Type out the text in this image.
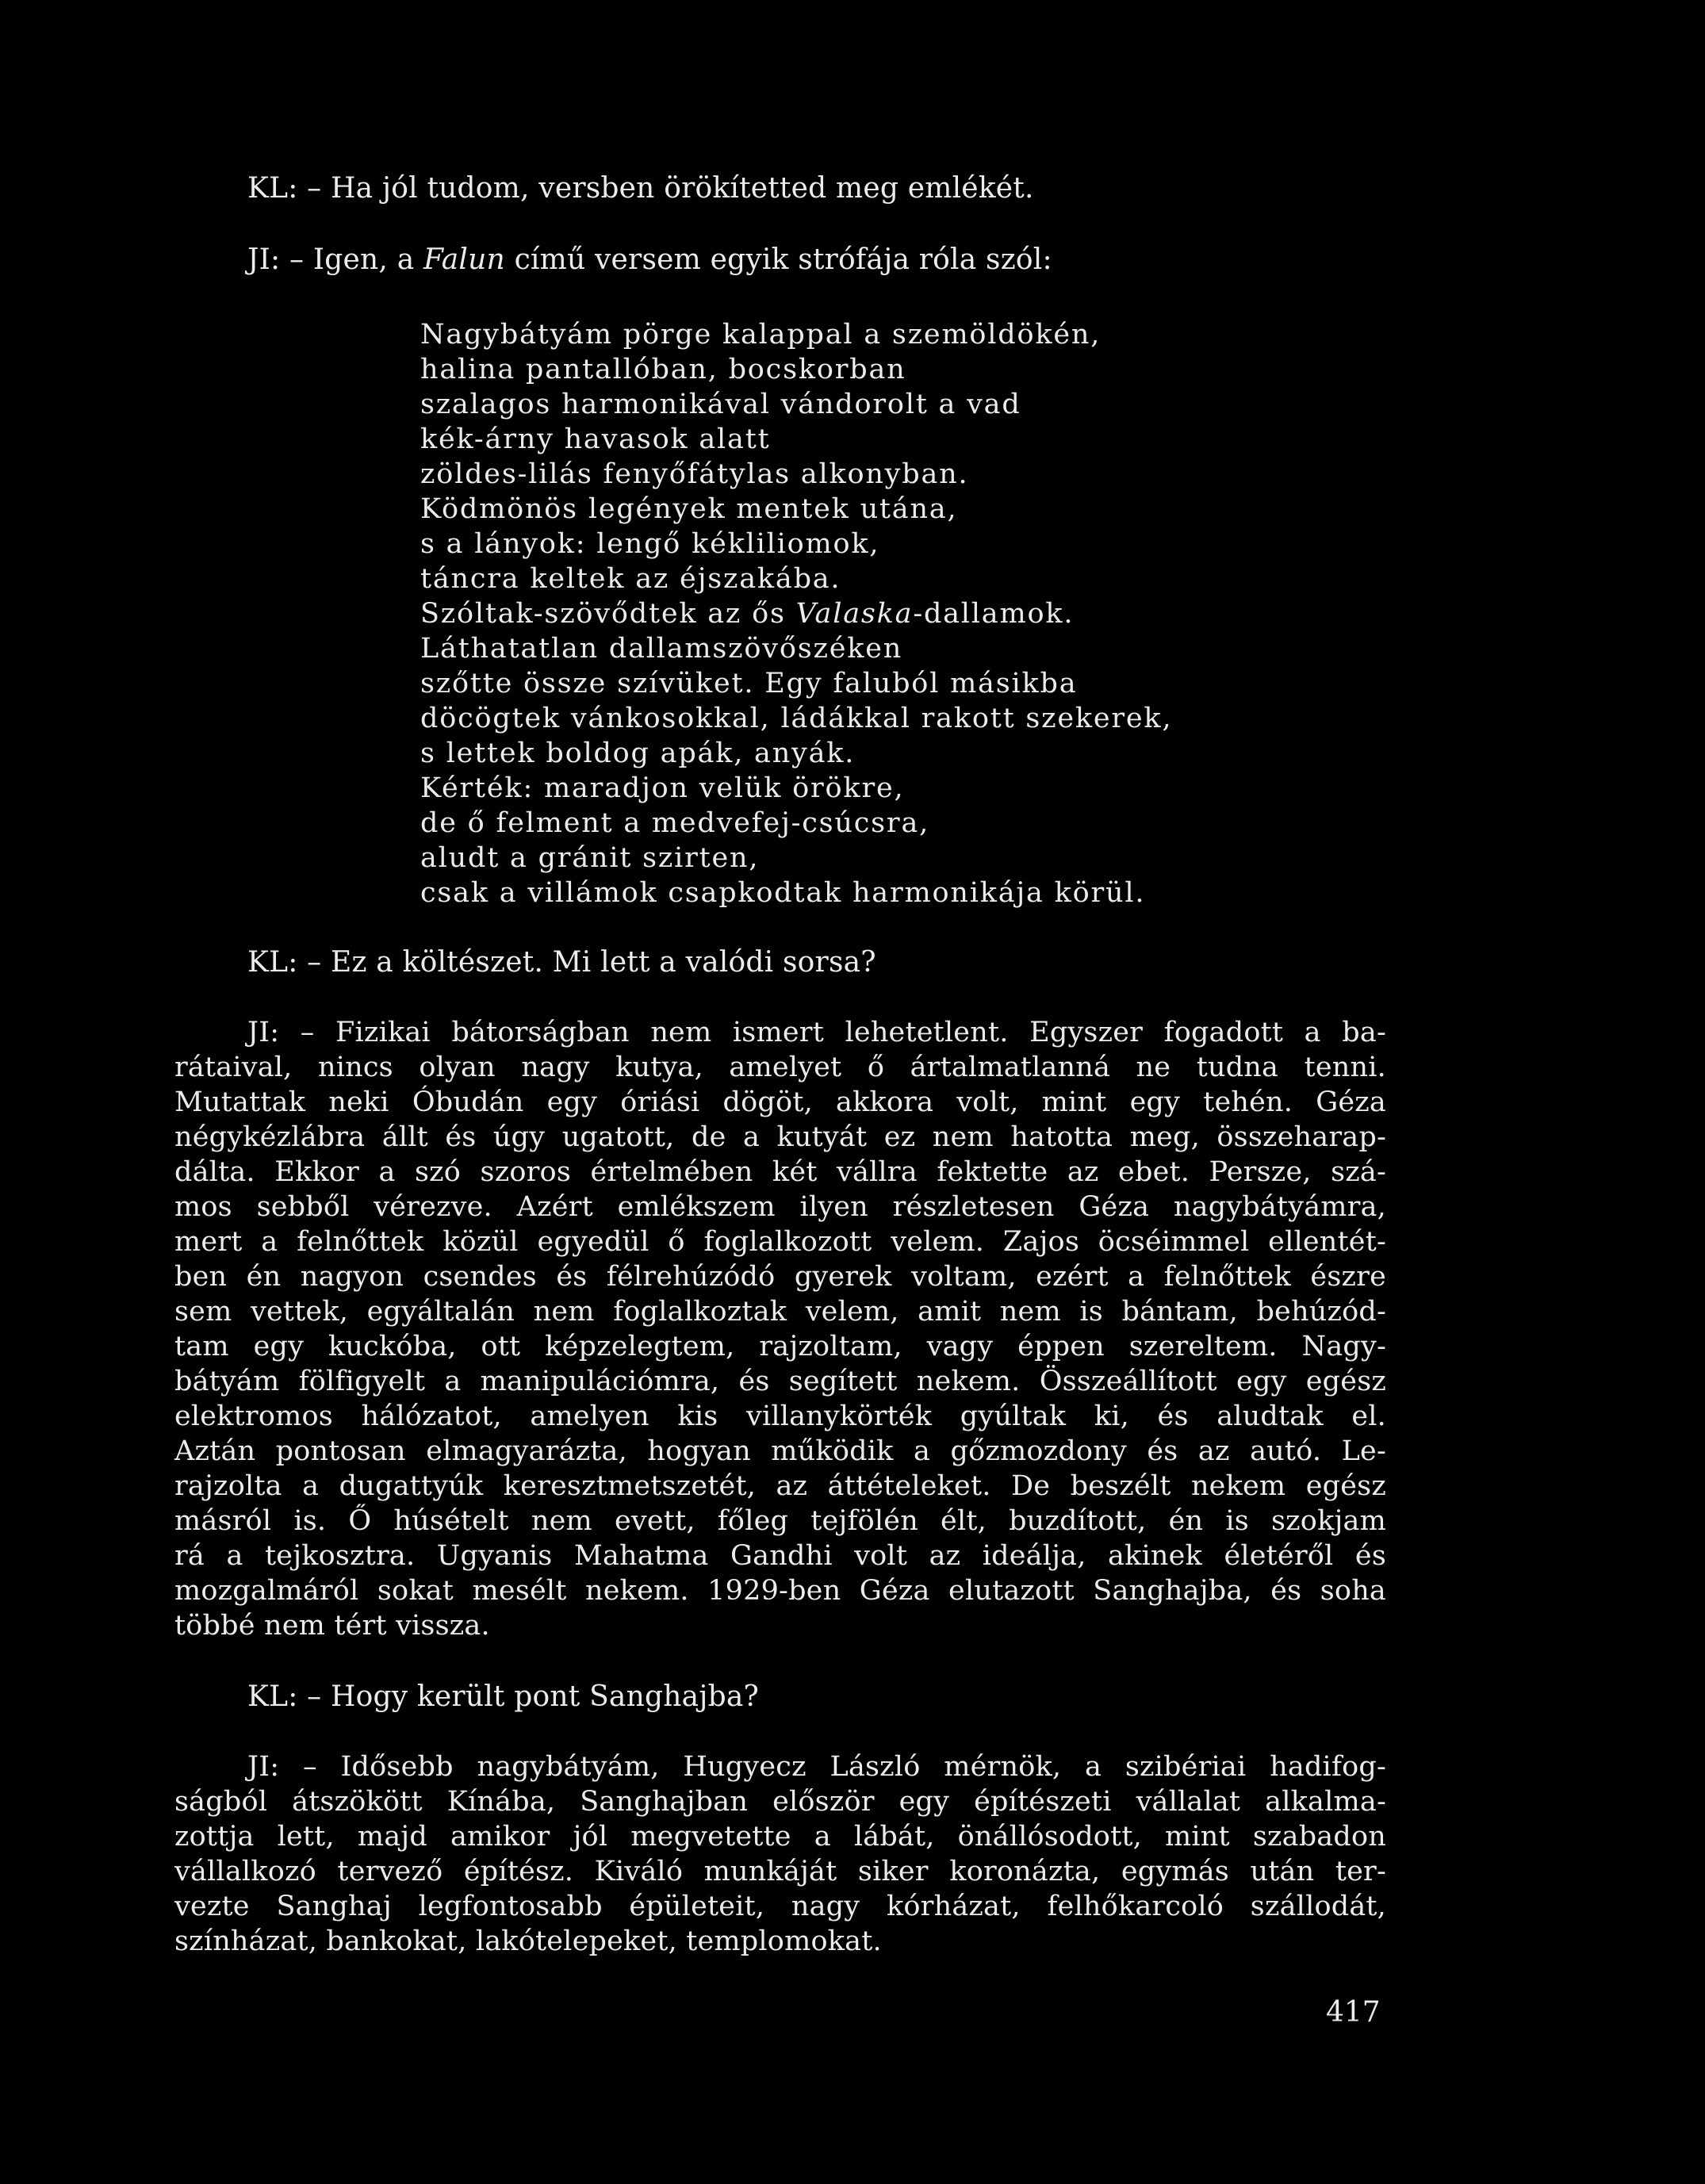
KL: – Ha jól tudom, versben örökítetted meg emlékét.
JI: – Igen, a Falun című versem egyik strófája róla szól:
Nagybátyám pörge kalappal a szemöldökén,
halina pantallóban, bocskorban
szalagos harmonikával vándorolt a vad
kék-árny havasok alatt
zöldes-lilás fenyőfátylas alkonyban.
Ködmönös legények mentek utána,
s a lányok: lengő kékliliomok,
táncra keltek az éjszakába.
Szóltak-szövődtek az ős Valaska-dallamok.
Láthatatlan dallamszövőszéken
szőtte össze szívüket. Egy faluból másikba
döcögtek vánkosokkal, ládákkal rakott szekerek,
s lettek boldog apák, anyák.
Kérték: maradjon velük örökre,
de ő felment a medvefej-csúcsra,
aludt a gránit szirten,
csak a villámok csapkodtak harmonikája körül.
KL: – Ez a költészet. Mi lett a valódi sorsa?
JI: – Fizikai bátorságban nem ismert lehetetlent. Egyszer fogadott a ba-
rátaival, nincs olyan nagy kutya, amelyet ő ártalmatlanná ne tudna tenni.
Mutattak neki Óbudán egy óriási dögöt, akkora volt, mint egy tehén. Géza
négykézlábra állt és úgy ugatott, de a kutyát ez nem hatotta meg, összeharap-
dálta. Ekkor a szó szoros értelmében két vállra fektette az ebet. Persze, szá-
mos sebből vérezve. Azért emlékszem ilyen részletesen Géza nagybátyámra,
mert a felnőttek közül egyedül ő foglalkozott velem. Zajos öcséimmel ellentét-
ben én nagyon csendes és félrehúzódó gyerek voltam, ezért a felnőttek észre
sem vettek, egyáltalán nem foglalkoztak velem, amit nem is bántam, behúzód-
tam egy kuckóba, ott képzelegtem, rajzoltam, vagy éppen szereltem. Nagy-
bátyám fölfigyelt a manipulációmra, és segített nekem. Összeállított egy egész
elektromos hálózatot, amelyen kis villanykörték gyúltak ki, és aludtak el.
Aztán pontosan elmagyarázta, hogyan működik a gőzmozdony és az autó. Le-
rajzolta a dugattyúk keresztmetszetét, az áttételeket. De beszélt nekem egész
másról is. Ő húsételt nem evett, főleg tejfölén élt, buzdított, én is szokjam
rá a tejkosztra. Ugyanis Mahatma Gandhi volt az ideálja, akinek életéről és
mozgalmáról sokat mesélt nekem. 1929-ben Géza elutazott Sanghajba, és soha
többé nem tért vissza.
KL: – Hogy került pont Sanghajba?
JI: – Idősebb nagybátyám, Hugyecz László mérnök, a szibériai hadifog-
ságból átszökött Kínába, Sanghajban először egy építészeti vállalat alkalma-
zottja lett, majd amikor jól megvetette a lábát, önállósodott, mint szabadon
vállalkozó tervező építész. Kiváló munkáját siker koronázta, egymás után ter-
vezte Sanghaj legfontosabb épületeit, nagy kórházat, felhőkarcoló szállodát,
színházat, bankokat, lakótelepeket, templomokat.
417
